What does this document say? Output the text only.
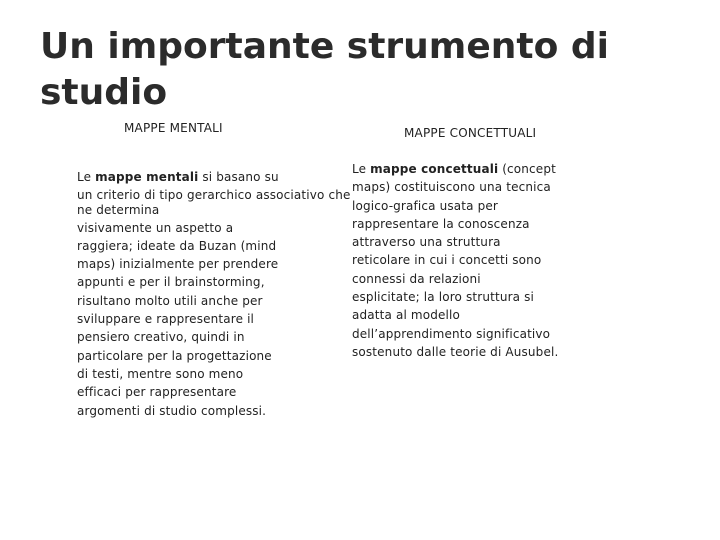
Un importante strumento di
studio
MAPPE MENTALI	MAPPE CONCETTUALI
Le mappe mentali si basano su
un criterio di tipo gerarchico associativo che
ne determina
visivamente un aspetto a
raggiera; ideate da Buzan (mind
maps) inizialmente per prendere
appunti e per il brainstorming,
risultano molto utili anche per
sviluppare e rappresentare il
pensiero creativo, quindi in
particolare per la progettazione
di testi, mentre sono meno
efficaci per rappresentare
argomenti di studio complessi.
Le mappe concettuali (concept
maps) costituiscono una tecnica
logico-grafica usata per
rappresentare la conoscenza
attraverso una struttura
reticolare in cui i concetti sono
connessi da relazioni
esplicitate; la loro struttura si
adatta al modello
dell’apprendimento significativo
sostenuto dalle teorie di Ausubel.
